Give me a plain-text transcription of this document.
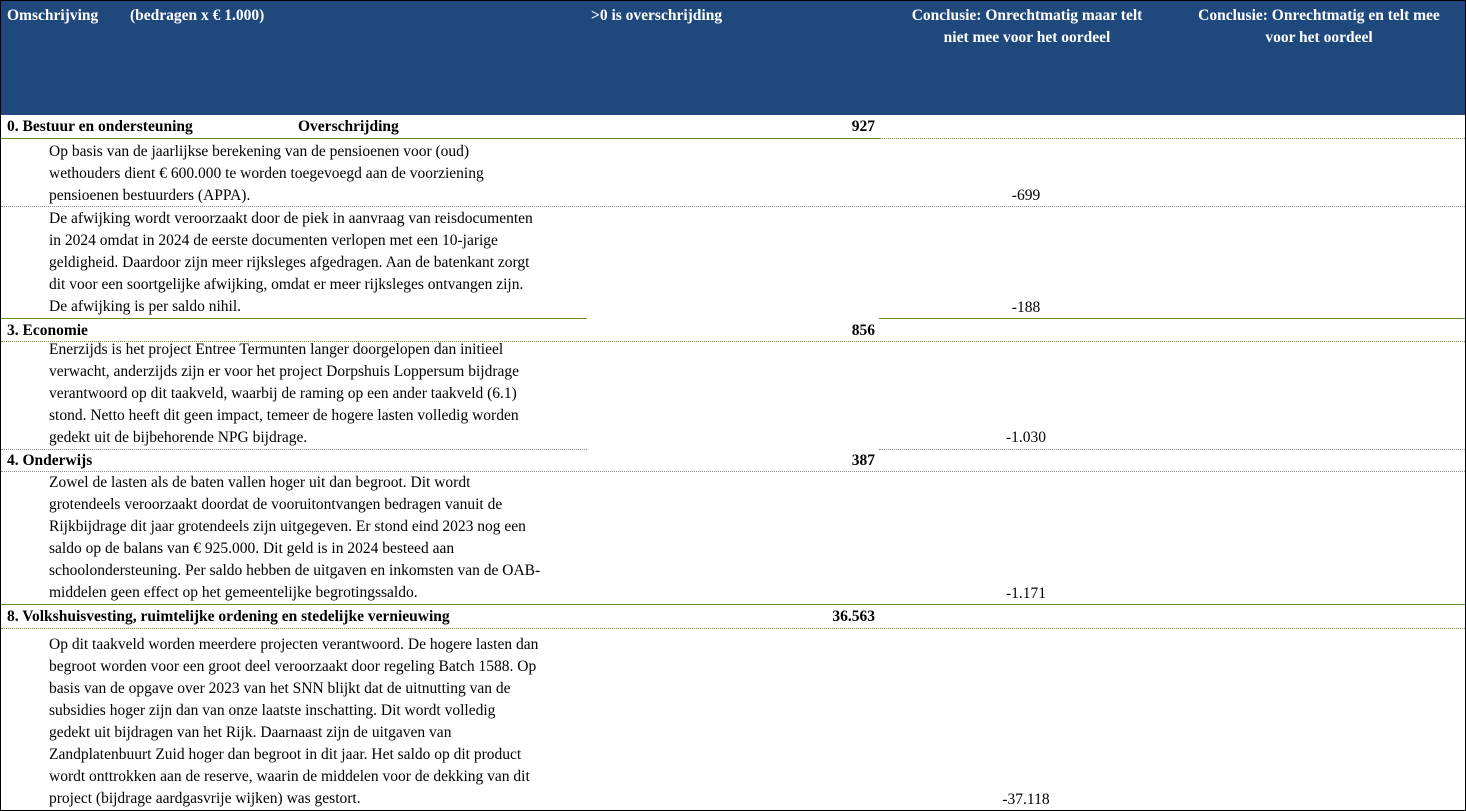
Omschrijving (bedragen x € 1.000)	>0 is overschrijding	Conclusie: Onrechtmatig maar telt
niet mee voor het oordeel
Conclusie: Onrechtmatig en telt mee
voor het oordeel
0. Bestuur en ondersteuning	Overschrijding	927
Op basis van de jaarlijkse berekening van de pensioenen voor (oud)
wethouders dient € 600.000 te worden toegevoegd aan de voorziening
pensioenen bestuurders (APPA).	-699
De afwijking wordt veroorzaakt door de piek in aanvraag van reisdocumenten
in 2024 omdat in 2024 de eerste documenten verlopen met een 10-jarige
geldigheid. Daardoor zijn meer rijksleges afgedragen. Aan de batenkant zorgt
dit voor een soortgelijke afwijking, omdat er meer rijksleges ontvangen zijn.
De afwijking is per saldo nihil.	-188
3. Economie	856
Enerzijds is het project Entree Termunten langer doorgelopen dan initieel
verwacht, anderzijds zijn er voor het project Dorpshuis Loppersum bijdrage
verantwoord op dit taakveld, waarbij de raming op een ander taakveld (6.1)
stond. Netto heeft dit geen impact, temeer de hogere lasten volledig worden
gedekt uit de bijbehorende NPG bijdrage.	-1.030
4. Onderwijs	387
Zowel de lasten als de baten vallen hoger uit dan begroot. Dit wordt
grotendeels veroorzaakt doordat de vooruitontvangen bedragen vanuit de
Rijkbijdrage dit jaar grotendeels zijn uitgegeven. Er stond eind 2023 nog een
saldo op de balans van € 925.000. Dit geld is in 2024 besteed aan
schoolondersteuning. Per saldo hebben de uitgaven en inkomsten van de OAB-
middelen geen effect op het gemeentelijke begrotingssaldo.	-1.171
8. Volkshuisvesting, ruimtelijke ordening en stedelijke vernieuwing	36.563
Op dit taakveld worden meerdere projecten verantwoord. De hogere lasten dan
begroot worden voor een groot deel veroorzaakt door regeling Batch 1588. Op
basis van de opgave over 2023 van het SNN blijkt dat de uitnutting van de
subsidies hoger zijn dan van onze laatste inschatting. Dit wordt volledig
gedekt uit bijdragen van het Rijk. Daarnaast zijn de uitgaven van
Zandplatenbuurt Zuid hoger dan begroot in dit jaar. Het saldo op dit product
wordt onttrokken aan de reserve, waarin de middelen voor de dekking van dit
project (bijdrage aardgasvrije wijken) was gestort.	-37.118
